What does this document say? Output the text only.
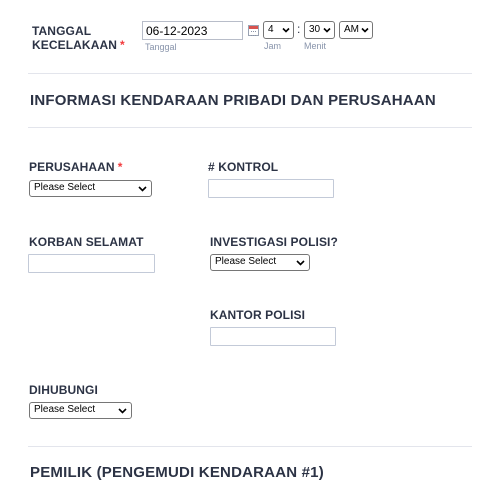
TANGGAL
KECELAKAAN *
06-12-2023
Tanggal
4
Jam
: 30
Menit
AM
INFORMASI KENDARAAN PRIBADI DAN PERUSAHAAN
PERUSAHAAN *
Please Select
# KONTROL
KORBAN SELAMAT	INVESTIGASI POLISI?
Please Select
KANTOR POLISI
DIHUBUNGI
Please Select
PEMILIK (PENGEMUDI KENDARAAN #1)
